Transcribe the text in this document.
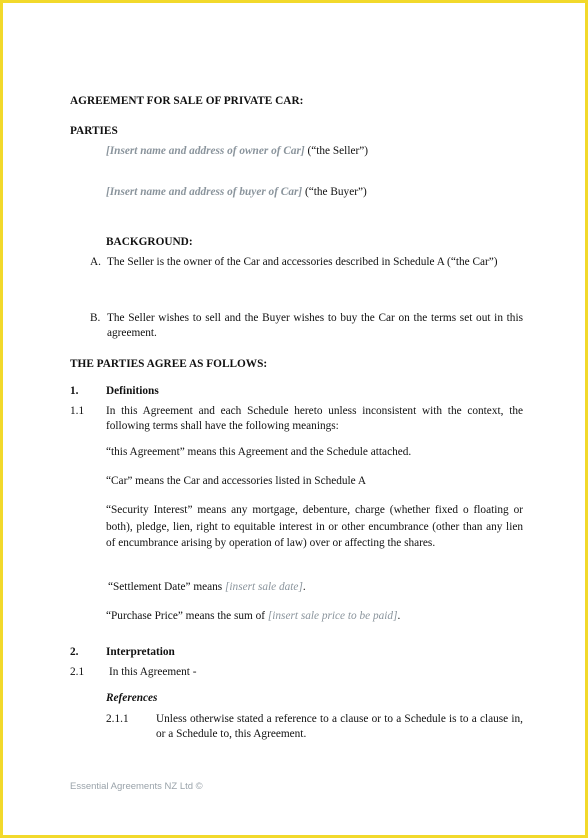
AGREEMENT FOR SALE OF PRIVATE CAR:
PARTIES
[Insert name and address of owner of Car] (“the Seller”)
[Insert name and address of buyer of Car] (“the Buyer”)
BACKGROUND:
A. The Seller is the owner of the Car and accessories described in Schedule A (“the Car”)
B. The Seller wishes to sell and the Buyer wishes to buy the Car on the terms set out in this agreement.
THE PARTIES AGREE AS FOLLOWS:
1. Definitions
1.1 In this Agreement and each Schedule hereto unless inconsistent with the context, the following terms shall have the following meanings:
“this Agreement” means this Agreement and the Schedule attached.
“Car” means the Car and accessories listed in Schedule A
“Security Interest” means any mortgage, debenture, charge (whether fixed o floating or both), pledge, lien, right to equitable interest in or other encumbrance (other than any lien of encumbrance arising by operation of law) over or affecting the shares.
“Settlement Date” means [insert sale date].
“Purchase Price” means the sum of [insert sale price to be paid].
2. Interpretation
2.1 In this Agreement -
References
2.1.1 Unless otherwise stated a reference to a clause or to a Schedule is to a clause in, or a Schedule to, this Agreement.
Essential Agreements NZ Ltd ©
